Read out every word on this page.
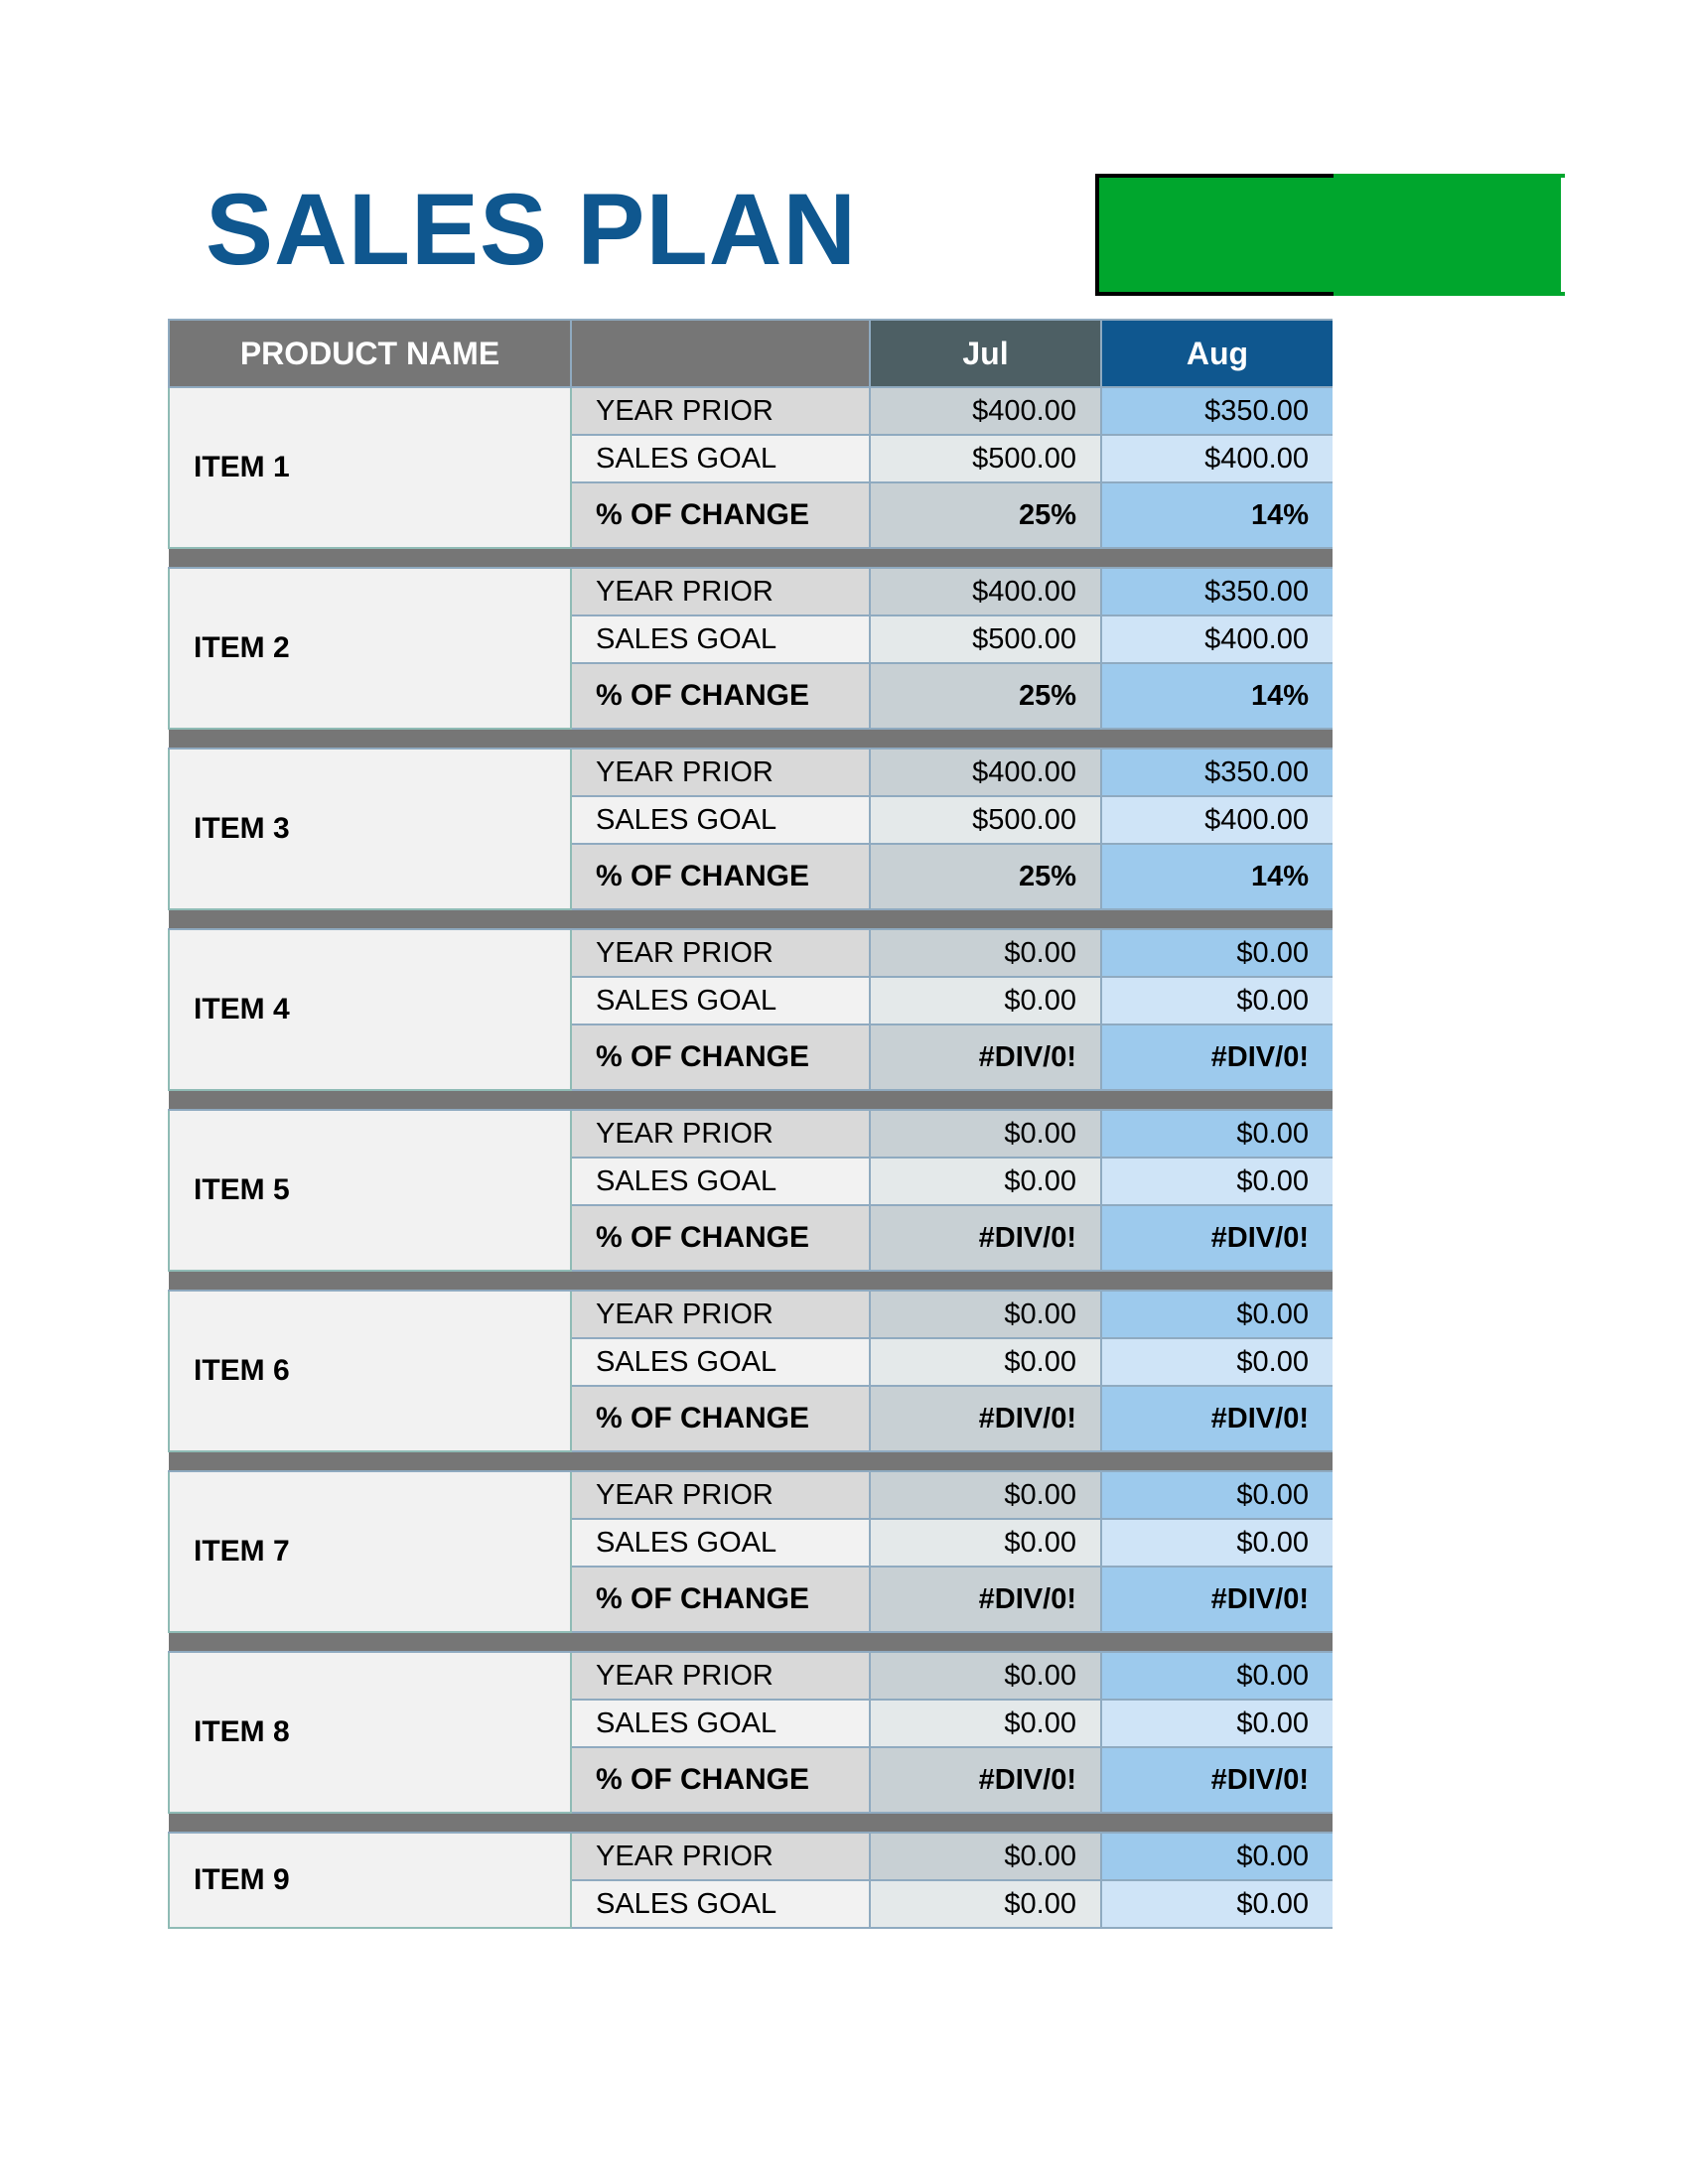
SALES PLAN
PRODUCT NAME		Jul	Aug
ITEM 1	YEAR PRIOR	$400.00	$350.00
	SALES GOAL	$500.00	$400.00
	% OF CHANGE	25%	14%

ITEM 2	YEAR PRIOR	$400.00	$350.00
	SALES GOAL	$500.00	$400.00
	% OF CHANGE	25%	14%

ITEM 3	YEAR PRIOR	$400.00	$350.00
	SALES GOAL	$500.00	$400.00
	% OF CHANGE	25%	14%

ITEM 4	YEAR PRIOR	$0.00	$0.00
	SALES GOAL	$0.00	$0.00
	% OF CHANGE	#DIV/0!	#DIV/0!

ITEM 5	YEAR PRIOR	$0.00	$0.00
	SALES GOAL	$0.00	$0.00
	% OF CHANGE	#DIV/0!	#DIV/0!

ITEM 6	YEAR PRIOR	$0.00	$0.00
	SALES GOAL	$0.00	$0.00
	% OF CHANGE	#DIV/0!	#DIV/0!

ITEM 7	YEAR PRIOR	$0.00	$0.00
	SALES GOAL	$0.00	$0.00
	% OF CHANGE	#DIV/0!	#DIV/0!

ITEM 8	YEAR PRIOR	$0.00	$0.00
	SALES GOAL	$0.00	$0.00
	% OF CHANGE	#DIV/0!	#DIV/0!

ITEM 9	YEAR PRIOR	$0.00	$0.00
	SALES GOAL	$0.00	$0.00
